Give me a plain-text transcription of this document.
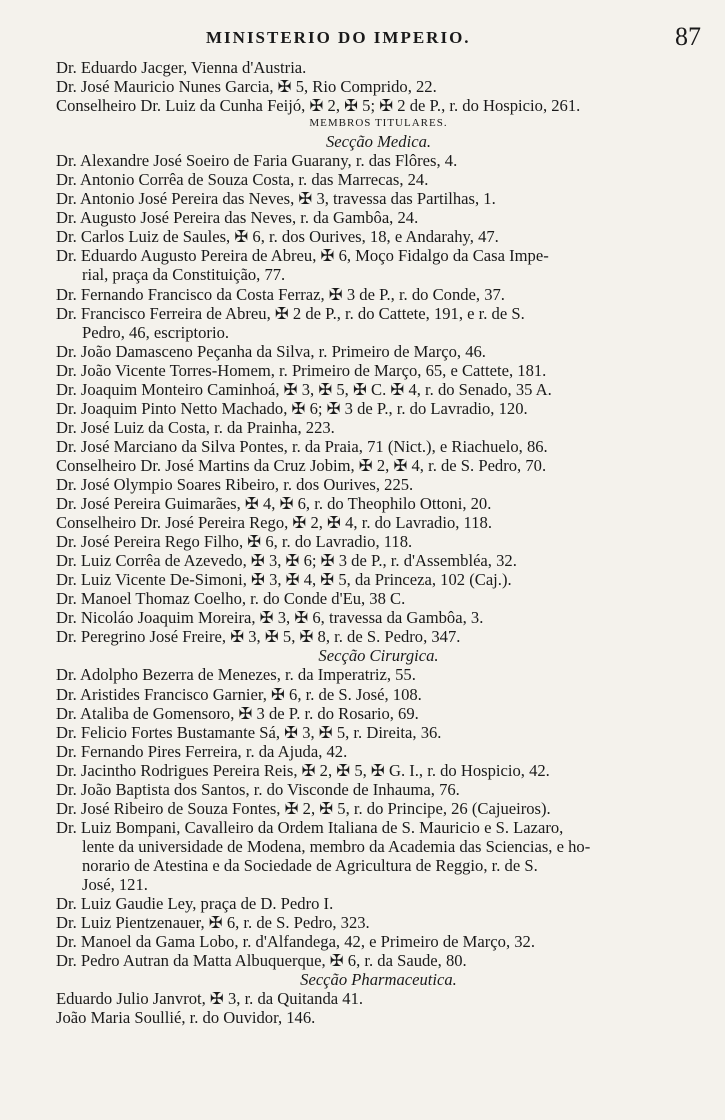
MINISTERIO DO IMPERIO.	87
Dr. Eduardo Jacger, Vienna d'Austria.
Dr. José Mauricio Nunes Garcia, ✠ 5, Rio Comprido, 22.
Conselheiro Dr. Luiz da Cunha Feijó, ✠ 2, ✠ 5; ✠ 2 de P., r. do Hospicio, 261.
MEMBROS TITULARES.
Secção Medica.
Dr. Alexandre José Soeiro de Faria Guarany, r. das Flôres, 4.
Dr. Antonio Corrêa de Souza Costa, r. das Marrecas, 24.
Dr. Antonio José Pereira das Neves, ✠ 3, travessa das Partilhas, 1.
Dr. Augusto José Pereira das Neves, r. da Gambôa, 24.
Dr. Carlos Luiz de Saules, ✠ 6, r. dos Ourives, 18, e Andarahy, 47.
Dr. Eduardo Augusto Pereira de Abreu, ✠ 6, Moço Fidalgo da Casa Impe-
rial, praça da Constituição, 77.
Dr. Fernando Francisco da Costa Ferraz, ✠ 3 de P., r. do Conde, 37.
Dr. Francisco Ferreira de Abreu, ✠ 2 de P., r. do Cattete, 191, e r. de S.
Pedro, 46, escriptorio.
Dr. João Damasceno Peçanha da Silva, r. Primeiro de Março, 46.
Dr. João Vicente Torres-Homem, r. Primeiro de Março, 65, e Cattete, 181.
Dr. Joaquim Monteiro Caminhoá, ✠ 3, ✠ 5, ✠ C. ✠ 4, r. do Senado, 35 A.
Dr. Joaquim Pinto Netto Machado, ✠ 6; ✠ 3 de P., r. do Lavradio, 120.
Dr. José Luiz da Costa, r. da Prainha, 223.
Dr. José Marciano da Silva Pontes, r. da Praia, 71 (Nict.), e Riachuelo, 86.
Conselheiro Dr. José Martins da Cruz Jobim, ✠ 2, ✠ 4, r. de S. Pedro, 70.
Dr. José Olympio Soares Ribeiro, r. dos Ourives, 225.
Dr. José Pereira Guimarães, ✠ 4, ✠ 6, r. do Theophilo Ottoni, 20.
Conselheiro Dr. José Pereira Rego, ✠ 2, ✠ 4, r. do Lavradio, 118.
Dr. José Pereira Rego Filho, ✠ 6, r. do Lavradio, 118.
Dr. Luiz Corrêa de Azevedo, ✠ 3, ✠ 6; ✠ 3 de P., r. d'Assembléa, 32.
Dr. Luiz Vicente De-Simoni, ✠ 3, ✠ 4, ✠ 5, da Princeza, 102 (Caj.).
Dr. Manoel Thomaz Coelho, r. do Conde d'Eu, 38 C.
Dr. Nicoláo Joaquim Moreira, ✠ 3, ✠ 6, travessa da Gambôa, 3.
Dr. Peregrino José Freire, ✠ 3, ✠ 5, ✠ 8, r. de S. Pedro, 347.
Secção Cirurgica.
Dr. Adolpho Bezerra de Menezes, r. da Imperatriz, 55.
Dr. Aristides Francisco Garnier, ✠ 6, r. de S. José, 108.
Dr. Ataliba de Gomensoro, ✠ 3 de P. r. do Rosario, 69.
Dr. Felicio Fortes Bustamante Sá, ✠ 3, ✠ 5, r. Direita, 36.
Dr. Fernando Pires Ferreira, r. da Ajuda, 42.
Dr. Jacintho Rodrigues Pereira Reis, ✠ 2, ✠ 5, ✠ G. I., r. do Hospicio, 42.
Dr. João Baptista dos Santos, r. do Visconde de Inhauma, 76.
Dr. José Ribeiro de Souza Fontes, ✠ 2, ✠ 5, r. do Principe, 26 (Cajueiros).
Dr. Luiz Bompani, Cavalleiro da Ordem Italiana de S. Mauricio e S. Lazaro,
lente da universidade de Modena, membro da Academia das Sciencias, e ho-
norario de Atestina e da Sociedade de Agricultura de Reggio, r. de S.
José, 121.
Dr. Luiz Gaudie Ley, praça de D. Pedro I.
Dr. Luiz Pientzenauer, ✠ 6, r. de S. Pedro, 323.
Dr. Manoel da Gama Lobo, r. d'Alfandega, 42, e Primeiro de Março, 32.
Dr. Pedro Autran da Matta Albuquerque, ✠ 6, r. da Saude, 80.
Secção Pharmaceutica.
Eduardo Julio Janvrot, ✠ 3, r. da Quitanda 41.
João Maria Soullié, r. do Ouvidor, 146.
